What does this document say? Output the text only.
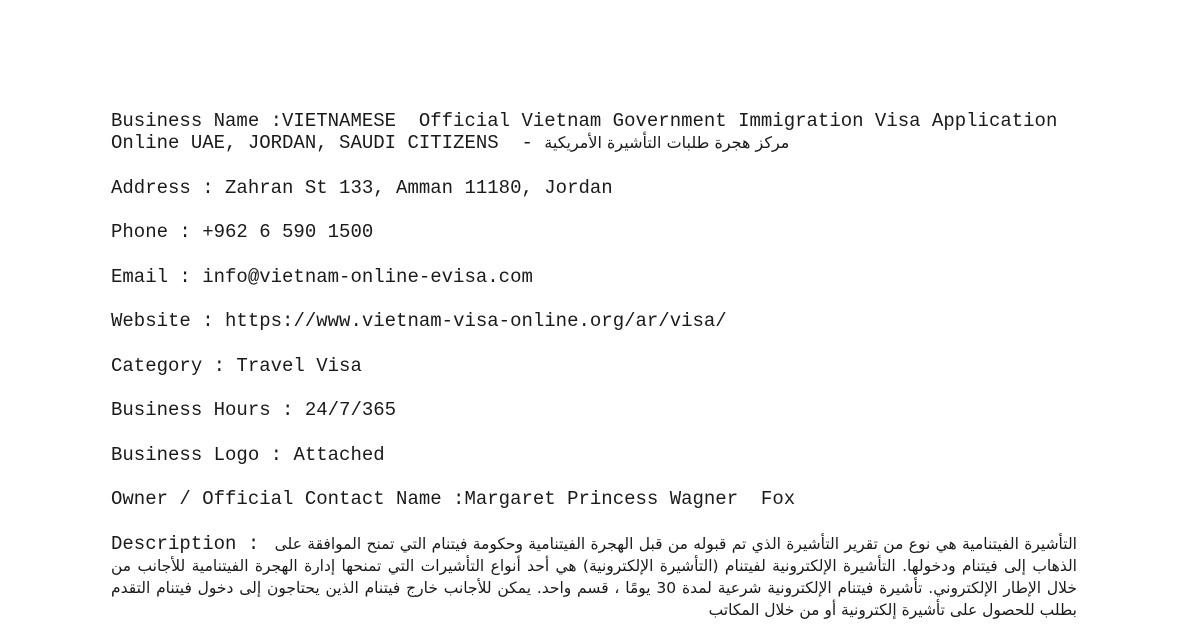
Business Name :VIETNAMESE  Official Vietnam Government Immigration Visa Application
Online UAE, JORDAN, SAUDI CITIZENS  - مركز هجرة طلبات التأشيرة الأمريكية
Address : Zahran St 133, Amman 11180, Jordan
Phone : +962 6 590 1500
Email : info@vietnam-online-evisa.com
Website : https://www.vietnam-visa-online.org/ar/visa/
Category : Travel Visa
Business Hours : 24/7/365
Business Logo : Attached
Owner / Official Contact Name :Margaret Princess Wagner  Fox
Description : التأشيرة الفيتنامية هي نوع من تقرير التأشيرة الذي تم قبوله من قبل الهجرة الفيتنامية وحكومة فيتنام التي تمنح الموافقة على الذهاب إلى فيتنام ودخولها. التأشيرة الإلكترونية لفيتنام (التأشيرة الإلكترونية) هي أحد أنواع التأشيرات التي تمنحها إدارة الهجرة الفيتنامية للأجانب من خلال الإطار الإلكتروني. تأشيرة فيتنام الإلكترونية شرعية لمدة 30 يومًا ، قسم واحد. يمكن للأجانب خارج فيتنام الذين يحتاجون إلى دخول فيتنام التقدم بطلب للحصول على تأشيرة إلكترونية أو من خلال المكاتب
